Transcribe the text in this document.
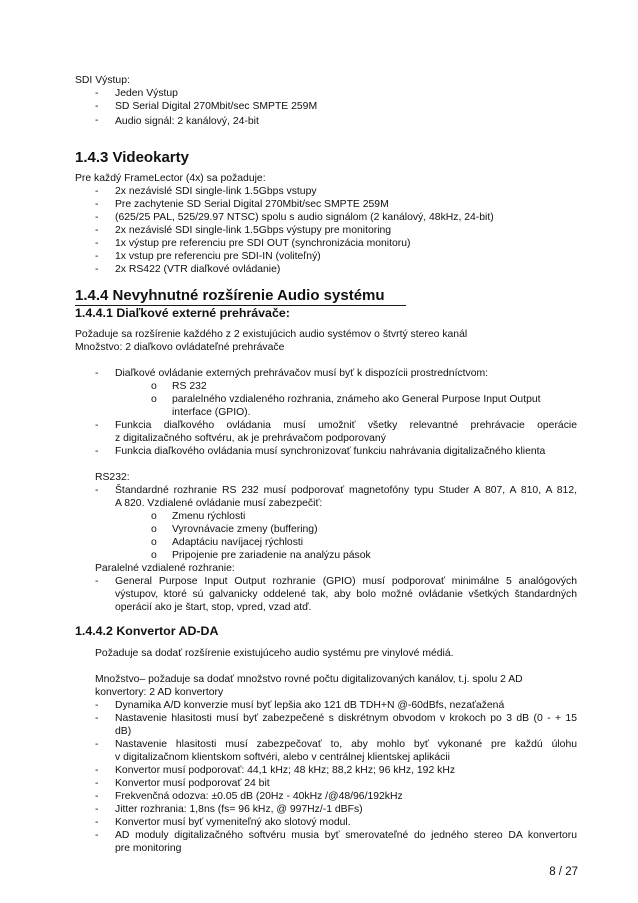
SDI Výstup:
- Jeden Výstup
- SD Serial Digital 270Mbit/sec SMPTE 259M
- Audio signál: 2 kanálový, 24-bit
1.4.3 Videokarty
Pre každý FrameLector (4x) sa požaduje:
- 2x nezávislé SDI single-link 1.5Gbps vstupy
- Pre zachytenie SD Serial Digital 270Mbit/sec SMPTE 259M
- (625/25 PAL, 525/29.97 NTSC) spolu s audio signálom (2 kanálový, 48kHz, 24-bit)
- 2x nezávislé SDI single-link 1.5Gbps výstupy pre monitoring
- 1x výstup pre referenciu pre SDI OUT (synchronizácia monitoru)
- 1x vstup pre referenciu pre SDI-IN (voliteľný)
- 2x RS422 (VTR diaľkové ovládanie)
1.4.4 Nevyhnutné rozšírenie Audio systému
1.4.4.1 Diaľkové externé prehrávače:
Požaduje sa rozšírenie každého z 2 existujúcich audio systémov o štvrtý stereo kanál
Množstvo: 2 diaľkovo ovládateľné prehrávače
- Diaľkové ovládanie externých prehrávačov musí byť k dispozícii prostredníctvom:
o RS 232
o paralelného vzdialeného rozhrania, známeho ako General Purpose Input Output
interface (GPIO).
- Funkcia diaľkového ovládania musí umožniť všetky relevantné prehrávacie operácie
z digitalizačného softvéru, ak je prehrávačom podporovaný
- Funkcia diaľkového ovládania musí synchronizovať funkciu nahrávania digitalizačného klienta
RS232:
- Štandardné rozhranie RS 232 musí podporovať magnetofóny typu Studer A 807, A 810, A 812,
A 820. Vzdialené ovládanie musí zabezpečiť:
o Zmenu rýchlosti
o Vyrovnávacie zmeny (buffering)
o Adaptáciu navíjacej rýchlosti
o Pripojenie pre zariadenie na analýzu pások
Paralelné vzdialené rozhranie:
- General Purpose Input Output rozhranie (GPIO) musí podporovať minimálne 5 analógových
výstupov, ktoré sú galvanicky oddelené tak, aby bolo možné ovládanie všetkých štandardných
operácií ako je štart, stop, vpred, vzad atď.
1.4.4.2 Konvertor AD-DA
Požaduje sa dodať rozšírenie existujúceho audio systému pre vinylové médiá.
Množstvo– požaduje sa dodať množstvo rovné počtu digitalizovaných kanálov, t.j. spolu 2 AD
konvertory: 2 AD konvertory
- Dynamika A/D konverzie musí byť lepšia ako 121 dB TDH+N @-60dBfs, nezaťažená
- Nastavenie hlasitosti musí byť zabezpečené s diskrétnym obvodom v krokoch po 3 dB (0 - + 15
dB)
- Nastavenie hlasitosti musí zabezpečovať to, aby mohlo byť vykonané pre každú úlohu
v digitalizačnom klientskom softvéri, alebo v centrálnej klientskej aplikácii
- Konvertor musí podporovať: 44,1 kHz; 48 kHz; 88,2 kHz; 96 kHz, 192 kHz
- Konvertor musí podporovať 24 bit
- Frekvenčná odozva: ±0.05 dB (20Hz - 40kHz /@48/96/192kHz
- Jitter rozhrania: 1,8ns (fs= 96 kHz, @ 997Hz/-1 dBFs)
- Konvertor musí byť vymeniteľný ako slotový modul.
- AD moduly digitalizačného softvéru musia byť smerovateľné do jedného stereo DA konvertoru
pre monitoring
8 / 27
